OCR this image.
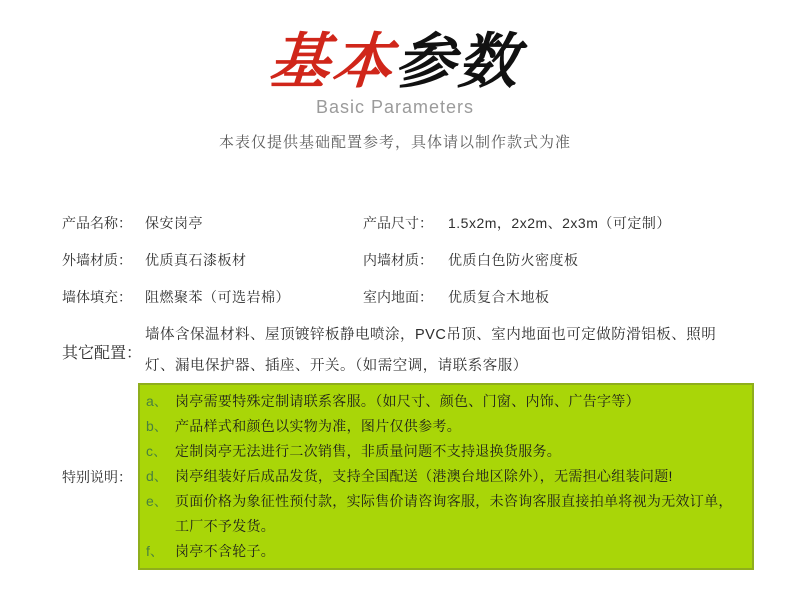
基本参数
Basic Parameters
本表仅提供基础配置参考，具体请以制作款式为准
产品名称： 保安岗亭	产品尺寸：	1.5x2m，2x2m、2x3m（可定制）
外墙材质： 优质真石漆板材	内墙材质：	优质白色防火密度板
墙体填充： 阻燃聚苯（可选岩棉）	室内地面：	优质复合木地板
其它配置：
墙体含保温材料、屋顶镀锌板静电喷涂，PVC吊顶、室内地面也可定做防滑铝板、照明灯、漏电保护器、插座、开关。（如需空调，请联系客服）
特别说明：
a、 岗亭需要特殊定制请联系客服。（如尺寸、颜色、门窗、内饰、广告字等）
b、 产品样式和颜色以实物为准，图片仅供参考。
c、 定制岗亭无法进行二次销售，非质量问题不支持退换货服务。
d、 岗亭组装好后成品发货，支持全国配送（港澳台地区除外），无需担心组装问题!
e、 页面价格为象征性预付款，实际售价请咨询客服，未咨询客服直接拍单将视为无效订单，工厂不予发货。
f、 岗亭不含轮子。
